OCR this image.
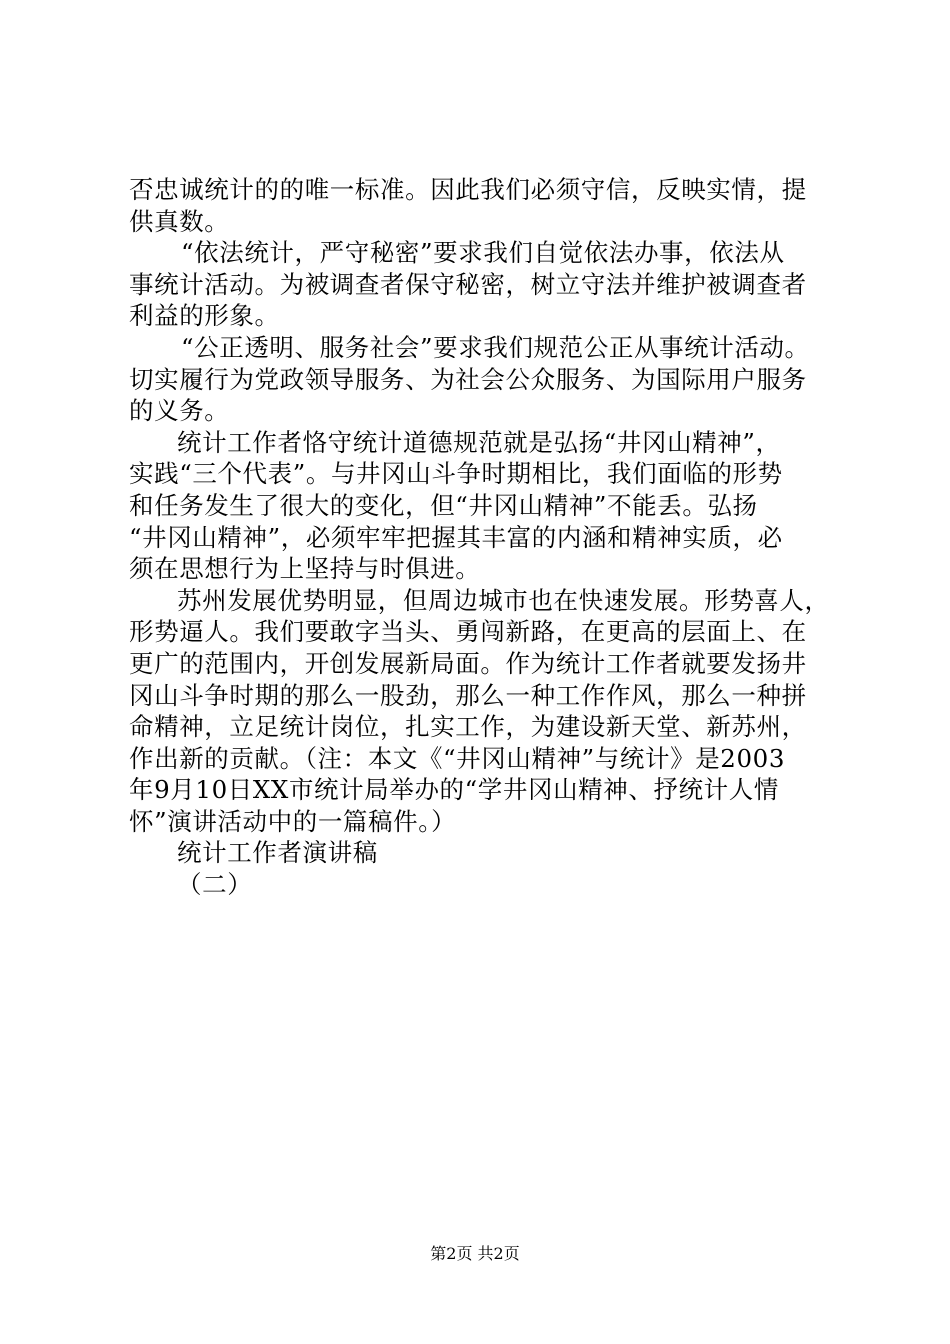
否忠诚统计的的唯一标准。因此我们必须守信，反映实情，提
供真数。
“依法统计，严守秘密”要求我们自觉依法办事，依法从
事统计活动。为被调查者保守秘密，树立守法并维护被调查者
利益的形象。
“公正透明、服务社会”要求我们规范公正从事统计活动。
切实履行为党政领导服务、为社会公众服务、为国际用户服务
的义务。
统计工作者恪守统计道德规范就是弘扬“井冈山精神”，
实践“三个代表”。与井冈山斗争时期相比，我们面临的形势
和任务发生了很大的变化，但“井冈山精神”不能丢。弘扬
“井冈山精神”，必须牢牢把握其丰富的内涵和精神实质，必
须在思想行为上坚持与时俱进。
苏州发展优势明显，但周边城市也在快速发展。形势喜人，
形势逼人。我们要敢字当头、勇闯新路，在更高的层面上、在
更广的范围内，开创发展新局面。作为统计工作者就要发扬井
冈山斗争时期的那么一股劲，那么一种工作作风，那么一种拼
命精神，立足统计岗位，扎实工作，为建设新天堂、新苏州，
作出新的贡献。（注：本文《“井冈山精神”与统计》是2003
年9月10日XX市统计局举办的“学井冈山精神、抒统计人情
怀”演讲活动中的一篇稿件。）
统计工作者演讲稿
（二）
第2页 共2页
